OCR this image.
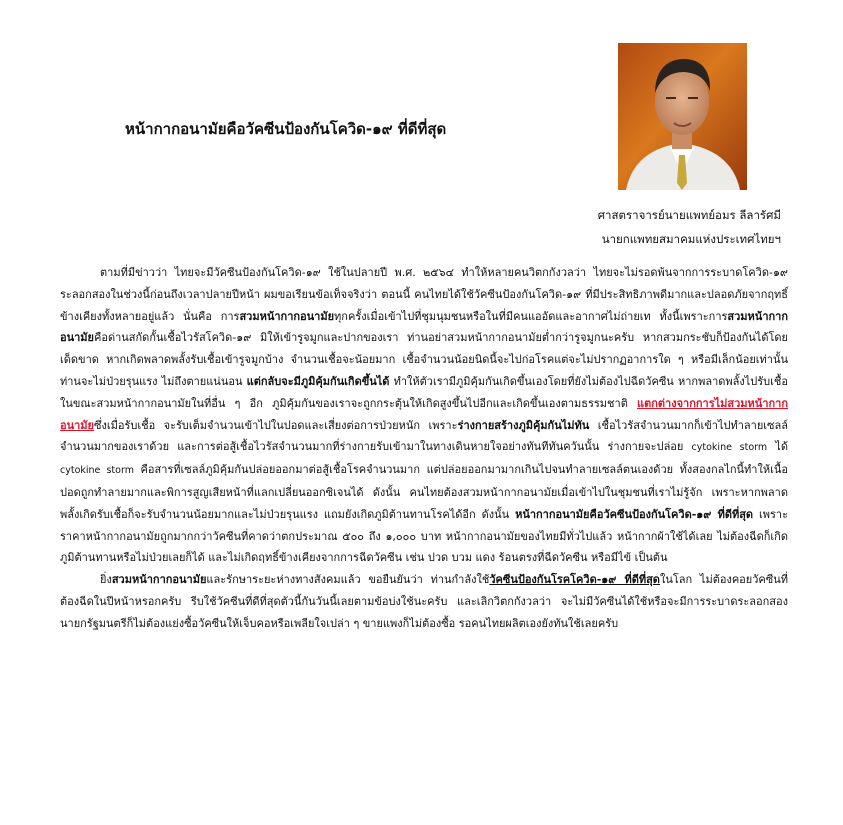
หน้ากากอนามัยคือวัคซีนป้องกันโควิด-๑๙ ที่ดีที่สุด
ศาสตราจารย์นายแพทย์อมร ลีลารัศมี
นายกแพทยสมาคมแห่งประเทศไทยฯ

ตามที่มีข่าวว่า ไทยจะมีวัคซีนป้องกันโควิด-๑๙ ใช้ในปลายปี พ.ศ. ๒๕๖๔ ทำให้หลายคนวิตกกังวลว่า ไทยจะไม่รอดพ้นจากการระบาดโควิด-๑๙ ระลอกสองในช่วงนี้ก่อนถึงเวลาปลายปีหน้า ผมขอเรียนข้อเท็จจริงว่า ตอนนี้ คนไทยได้ใช้วัคซีนป้องกันโควิด-๑๙ ที่มีประสิทธิภาพดีมากและปลอดภัยจากฤทธิ์ข้างเคียงทั้งหลายอยู่แล้ว นั่นคือ การสวมหน้ากากอนามัยทุกครั้งเมื่อเข้าไปที่ชุมนุมชนหรือในที่มีคนแออัดและอากาศไม่ถ่ายเท ทั้งนี้เพราะการสวมหน้ากากอนามัยคือด่านสกัดกั้นเชื้อไวรัสโควิด-๑๙ มิให้เข้ารูจมูกและปากของเรา ท่านอย่าสวมหน้ากากอนามัยต่ำกว่ารูจมูกนะครับ หากสวมกระชับก็ป้องกันได้โดยเด็ดขาด หากเกิดพลาดพลั้งรับเชื้อเข้ารูจมูกบ้าง จำนวนเชื้อจะน้อยมาก เชื้อจำนวนน้อยนิดนี้จะไปก่อโรคแต่จะไม่ปรากฏอาการใด ๆ หรือมีเล็กน้อยเท่านั้น ท่านจะไม่ป่วยรุนแรง ไม่ถึงตายแน่นอน แต่กลับจะมีภูมิคุ้มกันเกิดขึ้นได้ ทำให้ตัวเรามีภูมิคุ้มกันเกิดขึ้นเองโดยที่ยังไม่ต้องไปฉีดวัคซีน หากพลาดพลั้งไปรับเชื้อในขณะสวมหน้ากากอนามัยในที่อื่น ๆ อีก ภูมิคุ้มกันของเราจะถูกกระตุ้นให้เกิดสูงขึ้นไปอีกและเกิดขึ้นเองตามธรรมชาติ แตกต่างจากการไม่สวมหน้ากากอนามัยซึ่งเมื่อรับเชื้อ จะรับเต็มจำนวนเข้าไปในปอดและเสี่ยงต่อการป่วยหนัก เพราะร่างกายสร้างภูมิคุ้มกันไม่ทัน เชื้อไวรัสจำนวนมากก็เข้าไปทำลายเซลล์จำนวนมากของเราด้วย และการต่อสู้เชื้อไวรัสจำนวนมากที่ร่างกายรับเข้ามาในทางเดินหายใจอย่างทันทีทันควันนั้น ร่างกายจะปล่อย cytokine storm ได้ cytokine storm คือสารที่เซลล์ภูมิคุ้มกันปล่อยออกมาต่อสู้เชื้อโรคจำนวนมาก แต่ปล่อยออกมามากเกินไปจนทำลายเซลล์ตนเองด้วย ทั้งสองกลไกนี้ทำให้เนื้อปอดถูกทำลายมากและพิการสูญเสียหน้าที่แลกเปลี่ยนออกซิเจนได้ ดังนั้น คนไทยต้องสวมหน้ากากอนามัยเมื่อเข้าไปในชุมชนที่เราไม่รู้จัก เพราะหากพลาดพลั้งเกิดรับเชื้อก็จะรับจำนวนน้อยมากและไม่ป่วยรุนแรง แถมยังเกิดภูมิต้านทานโรคได้อีก ดังนั้น หน้ากากอนามัยคือวัคซีนป้องกันโควิด-๑๙ ที่ดีที่สุด เพราะราคาหน้ากากอนามัยถูกมากกว่าวัคซีนที่คาดว่าตกประมาณ ๕๐๐ ถึง ๑,๐๐๐ บาท หน้ากากอนามัยของไทยมีทั่วไปแล้ว หน้ากากผ้าใช้ได้เลย ไม่ต้องฉีดก็เกิดภูมิต้านทานหรือไม่ป่วยเลยก็ได้ และไม่เกิดฤทธิ์ข้างเคียงจากการฉีดวัคซีน เช่น ปวด บวม แดง ร้อนตรงที่ฉีดวัคซีน หรือมีไข้ เป็นต้น

ยิ่งสวมหน้ากากอนามัยและรักษาระยะห่างทางสังคมแล้ว ขอยืนยันว่า ท่านกำลังใช้วัคซีนป้องกันโรคโควิด-๑๙ ที่ดีที่สุดในโลก ไม่ต้องคอยวัคซีนที่ต้องฉีดในปีหน้าหรอกครับ รีบใช้วัคซีนที่ดีที่สุดตัวนี้กันวันนี้เลยตามข้อบ่งใช้นะครับ และเลิกวิตกกังวลว่า จะไม่มีวัคซีนได้ใช้หรือจะมีการระบาดระลอกสอง นายกรัฐมนตรีก็ไม่ต้องแย่งซื้อวัคซีนให้เจ็บคอหรือเพลียใจเปล่า ๆ ขายแพงก็ไม่ต้องซื้อ รอคนไทยผลิตเองยังทันใช้เลยครับ
